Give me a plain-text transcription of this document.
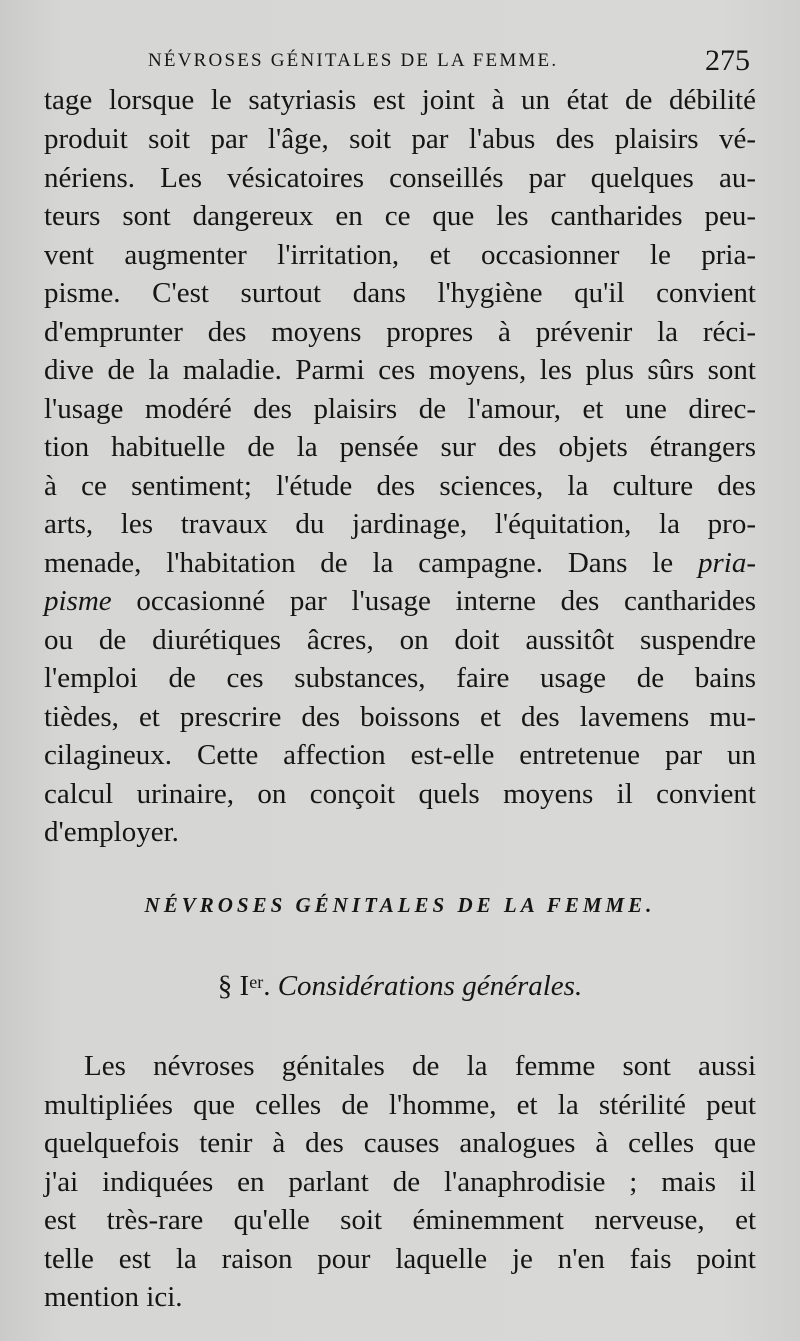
NÉVROSES GÉNITALES DE LA FEMME.	275
tage lorsque le satyriasis est joint à un état de débilité
produit soit par l'âge, soit par l'abus des plaisirs vé-
nériens. Les vésicatoires conseillés par quelques au-
teurs sont dangereux en ce que les cantharides peu-
vent augmenter l'irritation, et occasionner le pria-
pisme. C'est surtout dans l'hygiène qu'il convient
d'emprunter des moyens propres à prévenir la réci-
dive de la maladie. Parmi ces moyens, les plus sûrs sont
l'usage modéré des plaisirs de l'amour, et une direc-
tion habituelle de la pensée sur des objets étrangers
à ce sentiment; l'étude des sciences, la culture des
arts, les travaux du jardinage, l'équitation, la pro-
menade, l'habitation de la campagne. Dans le pria-
pisme occasionné par l'usage interne des cantharides
ou de diurétiques âcres, on doit aussitôt suspendre
l'emploi de ces substances, faire usage de bains
tièdes, et prescrire des boissons et des lavemens mu-
cilagineux. Cette affection est-elle entretenue par un
calcul urinaire, on conçoit quels moyens il convient
d'employer.
NÉVROSES GÉNITALES DE LA FEMME.
§ Ier. Considérations générales.
Les névroses génitales de la femme sont aussi
multipliées que celles de l'homme, et la stérilité peut
quelquefois tenir à des causes analogues à celles que
j'ai indiquées en parlant de l'anaphrodisie ; mais il
est très-rare qu'elle soit éminemment nerveuse, et
telle est la raison pour laquelle je n'en fais point
mention ici.
